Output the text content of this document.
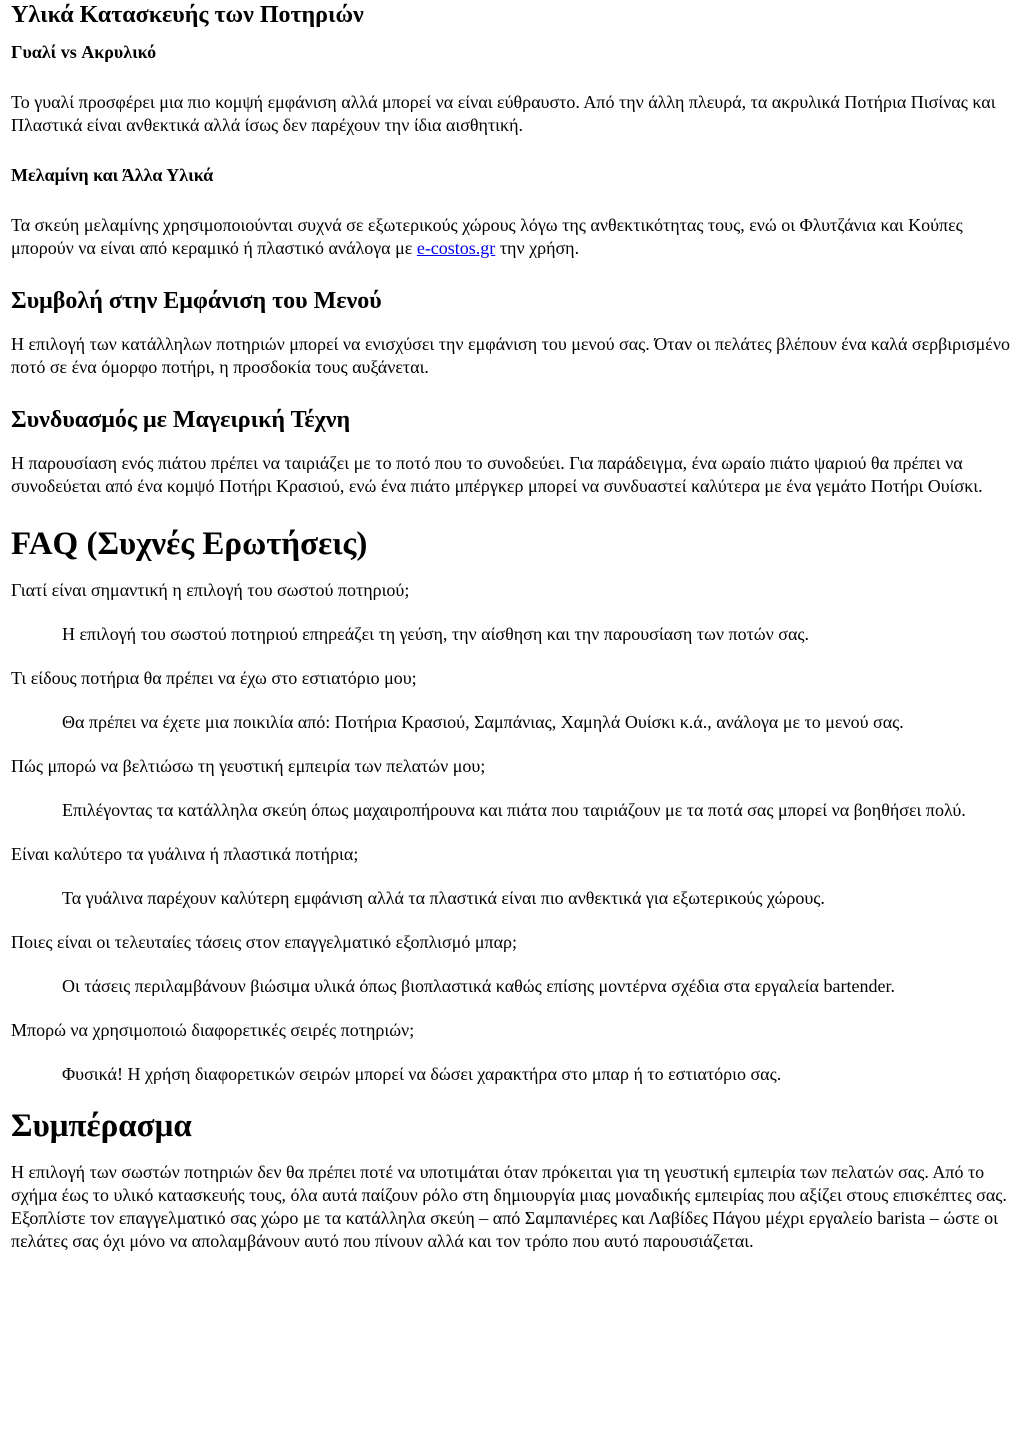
Υλικά Κατασκευής των Ποτηριών
Γυαλί vs Ακρυλικό

Το γυαλί προσφέρει μια πιο κομψή εμφάνιση αλλά μπορεί να είναι εύθραυστο. Από την άλλη πλευρά, τα ακρυλικά Ποτήρια Πισίνας και Πλαστικά είναι ανθεκτικά αλλά ίσως δεν παρέχουν την ίδια αισθητική.

Μελαμίνη και Άλλα Υλικά

Τα σκεύη μελαμίνης χρησιμοποιούνται συχνά σε εξωτερικούς χώρους λόγω της ανθεκτικότητας τους, ενώ οι Φλυτζάνια και Κούπες μπορούν να είναι από κεραμικό ή πλαστικό ανάλογα με e-costos.gr την χρήση.

Συμβολή στην Εμφάνιση του Μενού

Η επιλογή των κατάλληλων ποτηριών μπορεί να ενισχύσει την εμφάνιση του μενού σας. Όταν οι πελάτες βλέπουν ένα καλά σερβιρισμένο ποτό σε ένα όμορφο ποτήρι, η προσδοκία τους αυξάνεται.

Συνδυασμός με Μαγειρική Τέχνη

Η παρουσίαση ενός πιάτου πρέπει να ταιριάζει με το ποτό που το συνοδεύει. Για παράδειγμα, ένα ωραίο πιάτο ψαριού θα πρέπει να συνοδεύεται από ένα κομψό Ποτήρι Κρασιού, ενώ ένα πιάτο μπέργκερ μπορεί να συνδυαστεί καλύτερα με ένα γεμάτο Ποτήρι Ουίσκι.

FAQ (Συχνές Ερωτήσεις)
Γιατί είναι σημαντική η επιλογή του σωστού ποτηριού;
Η επιλογή του σωστού ποτηριού επηρεάζει τη γεύση, την αίσθηση και την παρουσίαση των ποτών σας.
Τι είδους ποτήρια θα πρέπει να έχω στο εστιατόριο μου;
Θα πρέπει να έχετε μια ποικιλία από: Ποτήρια Κρασιού, Σαμπάνιας, Χαμηλά Ουίσκι κ.ά., ανάλογα με το μενού σας.
Πώς μπορώ να βελτιώσω τη γευστική εμπειρία των πελατών μου;
Επιλέγοντας τα κατάλληλα σκεύη όπως μαχαιροπήρουνα και πιάτα που ταιριάζουν με τα ποτά σας μπορεί να βοηθήσει πολύ.
Είναι καλύτερο τα γυάλινα ή πλαστικά ποτήρια;
Τα γυάλινα παρέχουν καλύτερη εμφάνιση αλλά τα πλαστικά είναι πιο ανθεκτικά για εξωτερικούς χώρους.
Ποιες είναι οι τελευταίες τάσεις στον επαγγελματικό εξοπλισμό μπαρ;
Οι τάσεις περιλαμβάνουν βιώσιμα υλικά όπως βιοπλαστικά καθώς επίσης μοντέρνα σχέδια στα εργαλεία bartender.
Μπορώ να χρησιμοποιώ διαφορετικές σειρές ποτηριών;
Φυσικά! Η χρήση διαφορετικών σειρών μπορεί να δώσει χαρακτήρα στο μπαρ ή το εστιατόριο σας.
Συμπέρασμα

Η επιλογή των σωστών ποτηριών δεν θα πρέπει ποτέ να υποτιμάται όταν πρόκειται για τη γευστική εμπειρία των πελατών σας. Από το σχήμα έως το υλικό κατασκευής τους, όλα αυτά παίζουν ρόλο στη δημιουργία μιας μοναδικής εμπειρίας που αξίζει στους επισκέπτες σας. Εξοπλίστε τον επαγγελματικό σας χώρο με τα κατάλληλα σκεύη – από Σαμπανιέρες και Λαβίδες Πάγου μέχρι εργαλείο barista – ώστε οι πελάτες σας όχι μόνο να απολαμβάνουν αυτό που πίνουν αλλά και τον τρόπο που αυτό παρουσιάζεται.
